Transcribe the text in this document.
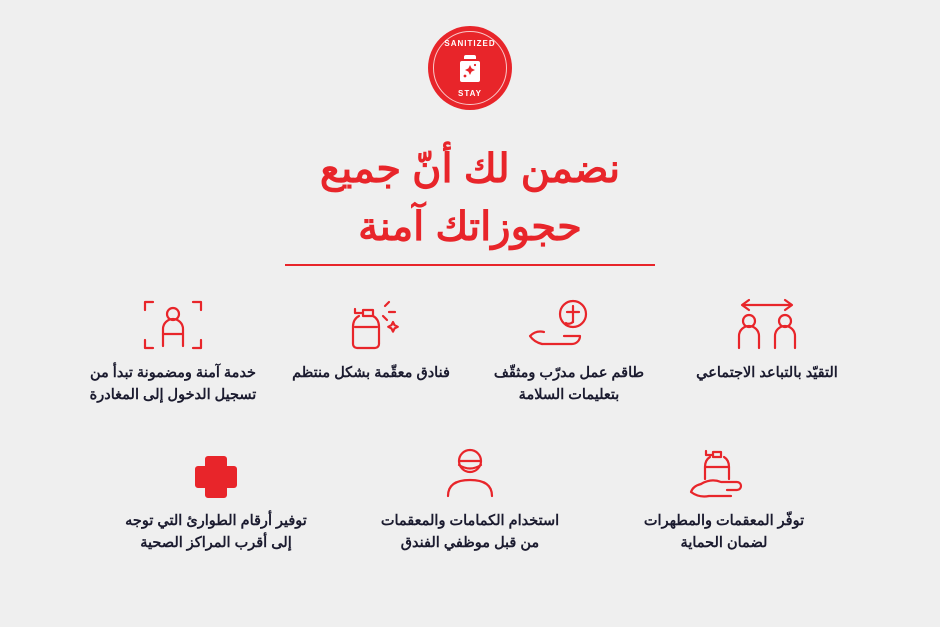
SANITIZED
STAY
نضمن لك أنّ جميع
حجوزاتك آمنة
التقيّد بالتباعد الاجتماعي
طاقم عمل مدرّب ومثقّف بتعليمات السلامة
فنادق معقّمة بشكل منتظم
خدمة آمنة ومضمونة تبدأ من تسجيل الدخول إلى المغادرة
توفّر المعقمات والمطهرات لضمان الحماية
استخدام الكمامات والمعقمات من قبل موظفي الفندق
توفير أرقام الطوارئ التي توجه إلى أقرب المراكز الصحية
